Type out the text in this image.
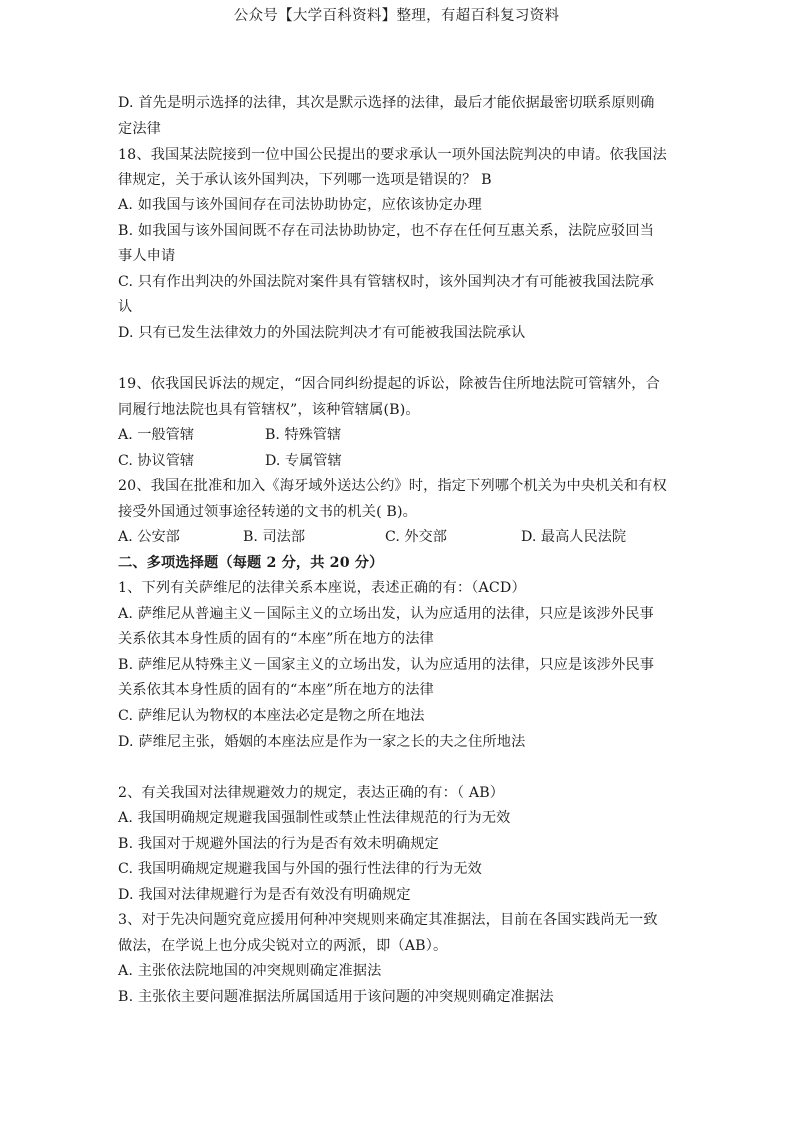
公众号【大学百科资料】整理，有超百科复习资料
D. 首先是明示选择的法律，其次是默示选择的法律，最后才能依据最密切联系原则确
定法律
18、我国某法院接到一位中国公民提出的要求承认一项外国法院判决的申请。依我国法
律规定，关于承认该外国判决，下列哪一选项是错误的？ B
A. 如我国与该外国间存在司法协助协定，应依该协定办理
B. 如我国与该外国间既不存在司法协助协定，也不存在任何互惠关系，法院应驳回当
事人申请
C. 只有作出判决的外国法院对案件具有管辖权时，该外国判决才有可能被我国法院承
认
D. 只有已发生法律效力的外国法院判决才有可能被我国法院承认
19、依我国民诉法的规定，“因合同纠纷提起的诉讼，除被告住所地法院可管辖外，合
同履行地法院也具有管辖权”，该种管辖属(B)。
A. 一般管辖	B. 特殊管辖
C. 协议管辖	D. 专属管辖
20、我国在批准和加入《海牙域外送达公约》时，指定下列哪个机关为中央机关和有权
接受外国通过领事途径转递的文书的机关( B)。
A. 公安部	B. 司法部	C. 外交部	D. 最高人民法院
二、多项选择题（每题 2 分，共 20 分）
1、下列有关萨维尼的法律关系本座说，表述正确的有：（ACD）
A. 萨维尼从普遍主义－国际主义的立场出发，认为应适用的法律，只应是该涉外民事
关系依其本身性质的固有的“本座”所在地方的法律
B. 萨维尼从特殊主义－国家主义的立场出发，认为应适用的法律，只应是该涉外民事
关系依其本身性质的固有的“本座”所在地方的法律
C. 萨维尼认为物权的本座法必定是物之所在地法
D. 萨维尼主张，婚姻的本座法应是作为一家之长的夫之住所地法
2、有关我国对法律规避效力的规定，表达正确的有：（ AB）
A. 我国明确规定规避我国强制性或禁止性法律规范的行为无效
B. 我国对于规避外国法的行为是否有效未明确规定
C. 我国明确规定规避我国与外国的强行性法律的行为无效
D. 我国对法律规避行为是否有效没有明确规定
3、对于先决问题究竟应援用何种冲突规则来确定其准据法，目前在各国实践尚无一致
做法，在学说上也分成尖锐对立的两派，即（AB）。
A. 主张依法院地国的冲突规则确定准据法
B. 主张依主要问题准据法所属国适用于该问题的冲突规则确定准据法
